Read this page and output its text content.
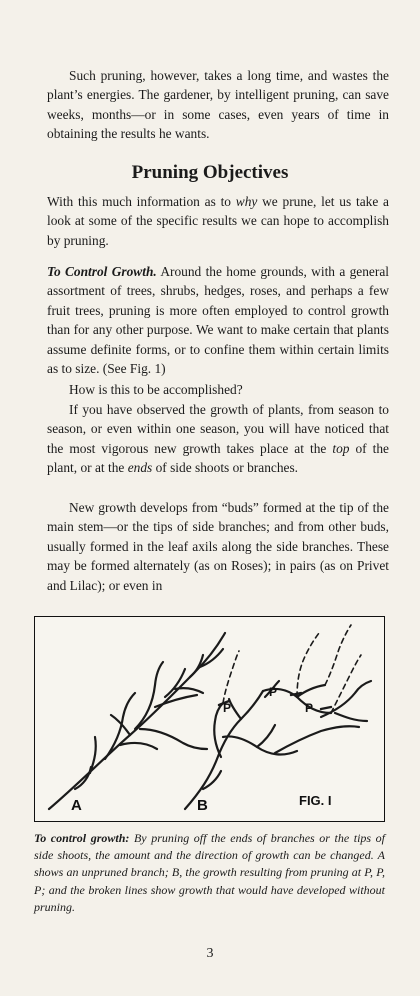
Such pruning, however, takes a long time, and wastes the plant’s energies. The gardener, by intelligent pruning, can save weeks, months—or in some cases, even years of time in obtaining the results he wants.

Pruning Objectives

With this much information as to why we prune, let us take a look at some of the specific results we can hope to accomplish by pruning.

To Control Growth. Around the home grounds, with a general assortment of trees, shrubs, hedges, roses, and perhaps a few fruit trees, pruning is more often employed to control growth than for any other purpose. We want to make certain that plants assume definite forms, or to confine them within certain limits as to size. (See Fig. 1)

How is this to be accomplished?

If you have observed the growth of plants, from season to season, or even within one season, you will have noticed that the most vigorous new growth takes place at the top of the plant, or at the ends of side shoots or branches.

New growth develops from “buds” formed at the tip of the main stem—or the tips of side branches; and from other buds, usually formed in the leaf axils along the side branches. These may be formed alternately (as on Roses); in pairs (as on Privet and Lilac); or even in

P
P
P
A	B	FIG. I

To control growth: By pruning off the ends of branches or the tips of side shoots, the amount and the direction of growth can be changed. A shows an unpruned branch; B, the growth resulting from pruning at P, P, P; and the broken lines show growth that would have developed without pruning.

3
